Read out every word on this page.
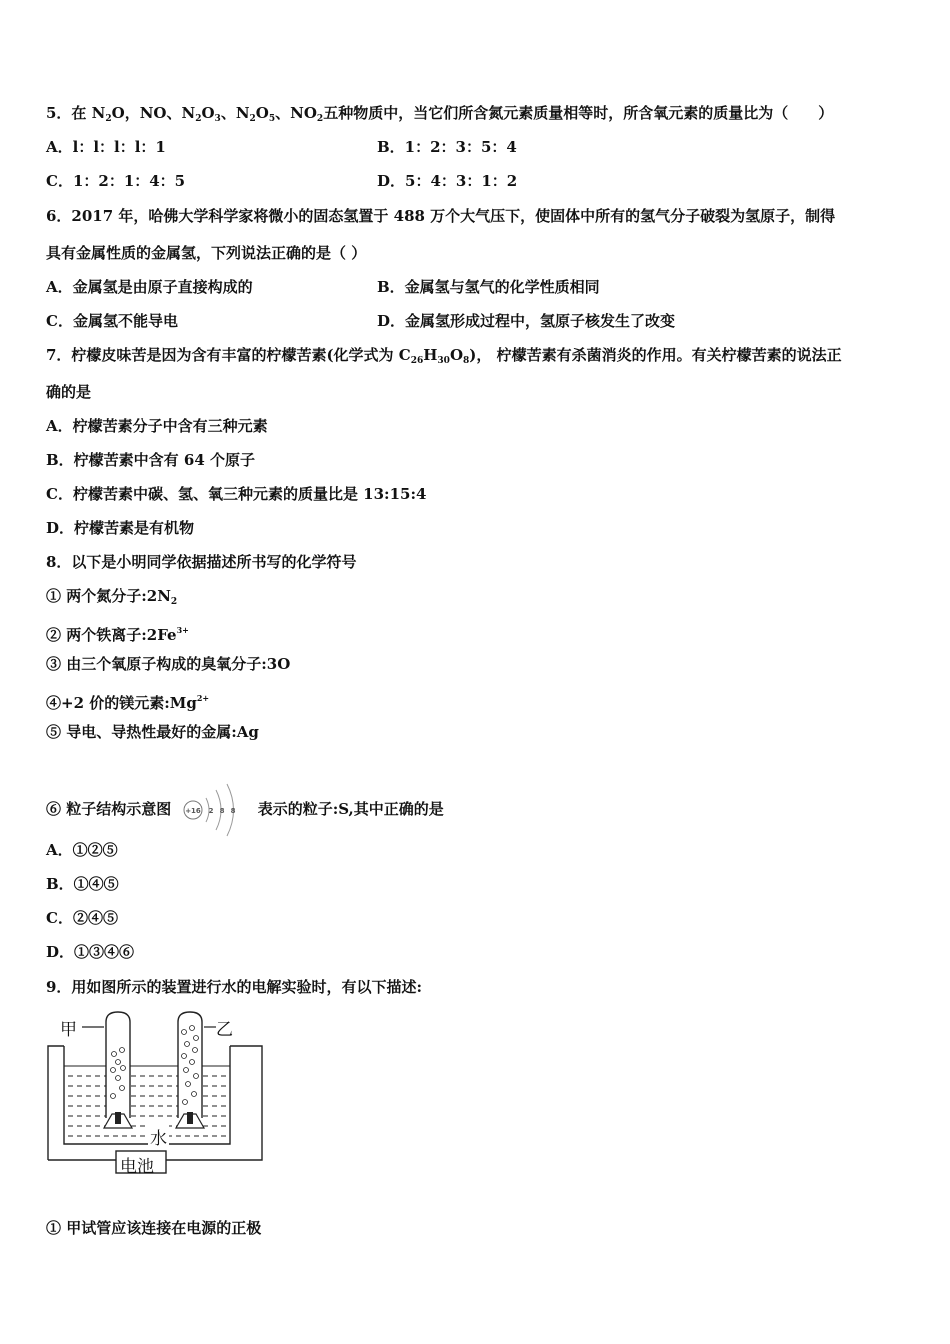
5．在 $N_2O$，NO、$N_2O_3$、$N_2O_5$、$NO_2$五种物质中，当它们所含氮元素质量相等时，所含氧元素的质量比为（　　）
A．l：l：l：l：1	B．1：2：3：5：4
C．1：2：1：4：5	D．5：4：3：1：2
6．2017 年，哈佛大学科学家将微小的固态氢置于 488 万个大气压下，使固体中所有的氢气分子破裂为氢原子，制得
具有金属性质的金属氢，下列说法正确的是（ ）
A．金属氢是由原子直接构成的	B．金属氢与氢气的化学性质相同
C．金属氢不能导电	D．金属氢形成过程中，氢原子核发生了改变
7．柠檬皮味苦是因为含有丰富的柠檬苦素(化学式为 $C_{26}H_{30}O_8$)， 柠檬苦素有杀菌消炎的作用。有关柠檬苦素的说法正
确的是
A．柠檬苦素分子中含有三种元素
B．柠檬苦素中含有 64 个原子
C．柠檬苦素中碳、氢、氧三种元素的质量比是 13:15:4
D．柠檬苦素是有机物
8．以下是小明同学依据描述所书写的化学符号
① 两个氮分子$:2N_2$
② 两个铁离子$:2Fe^{3+}$
③ 由三个氧原子构成的臭氧分子:3O
④+2 价的镁元素$:Mg^{2+}$
⑤ 导电、导热性最好的金属:Ag
⑥ 粒子结构示意图 +16 2 8 8 表示的粒子:S,其中正确的是
A．①②⑤
B．①④⑤
C．②④⑤
D．①③④⑥
9．用如图所示的装置进行水的电解实验时，有以下描述:
甲	乙
水
电池
① 甲试管应该连接在电源的正极
